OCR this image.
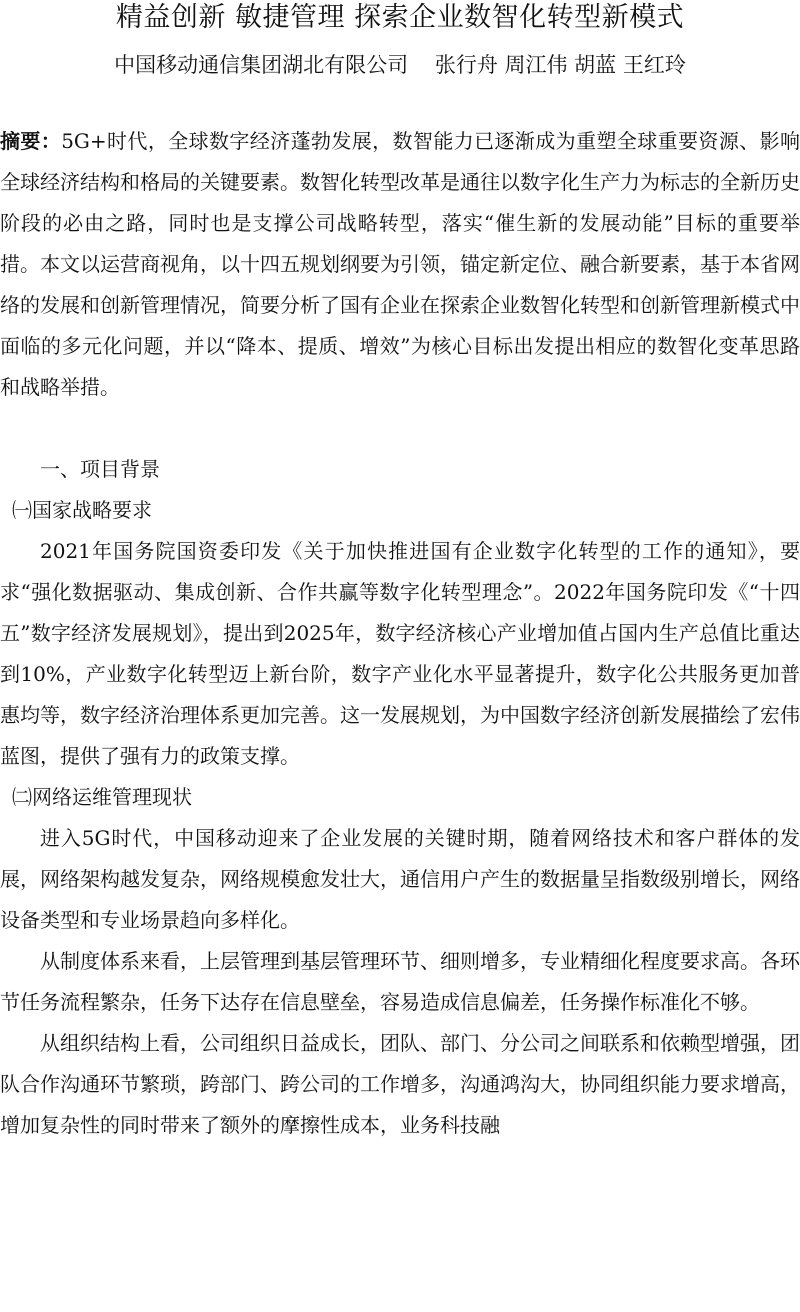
精益创新 敏捷管理 探索企业数智化转型新模式
中国移动通信集团湖北有限公司 张行舟 周江伟 胡蓝 王红玲

摘要：5G+时代，全球数字经济蓬勃发展，数智能力已逐渐成为重塑全球重要资源、影响全球经济结构和格局的关键要素。数智化转型改革是通往以数字化生产力为标志的全新历史阶段的必由之路，同时也是支撑公司战略转型，落实“催生新的发展动能”目标的重要举措。本文以运营商视角，以十四五规划纲要为引领，锚定新定位、融合新要素，基于本省网络的发展和创新管理情况，简要分析了国有企业在探索企业数智化转型和创新管理新模式中面临的多元化问题，并以“降本、提质、增效”为核心目标出发提出相应的数智化变革思路和战略举措。

一、项目背景

㈠国家战略要求

2021年国务院国资委印发《关于加快推进国有企业数字化转型的工作的通知》，要求“强化数据驱动、集成创新、合作共赢等数字化转型理念”。2022年国务院印发《“十四五”数字经济发展规划》，提出到2025年，数字经济核心产业增加值占国内生产总值比重达到10%，产业数字化转型迈上新台阶，数字产业化水平显著提升，数字化公共服务更加普惠均等，数字经济治理体系更加完善。这一发展规划，为中国数字经济创新发展描绘了宏伟蓝图，提供了强有力的政策支撑。

㈡网络运维管理现状

进入5G时代，中国移动迎来了企业发展的关键时期，随着网络技术和客户群体的发展，网络架构越发复杂，网络规模愈发壮大，通信用户产生的数据量呈指数级别增长，网络设备类型和专业场景趋向多样化。

从制度体系来看，上层管理到基层管理环节、细则增多，专业精细化程度要求高。各环节任务流程繁杂，任务下达存在信息壁垒，容易造成信息偏差，任务操作标准化不够。

从组织结构上看，公司组织日益成长，团队、部门、分公司之间联系和依赖型增强，团队合作沟通环节繁琐，跨部门、跨公司的工作增多，沟通鸿沟大，协同组织能力要求增高，增加复杂性的同时带来了额外的摩擦性成本，业务科技融
